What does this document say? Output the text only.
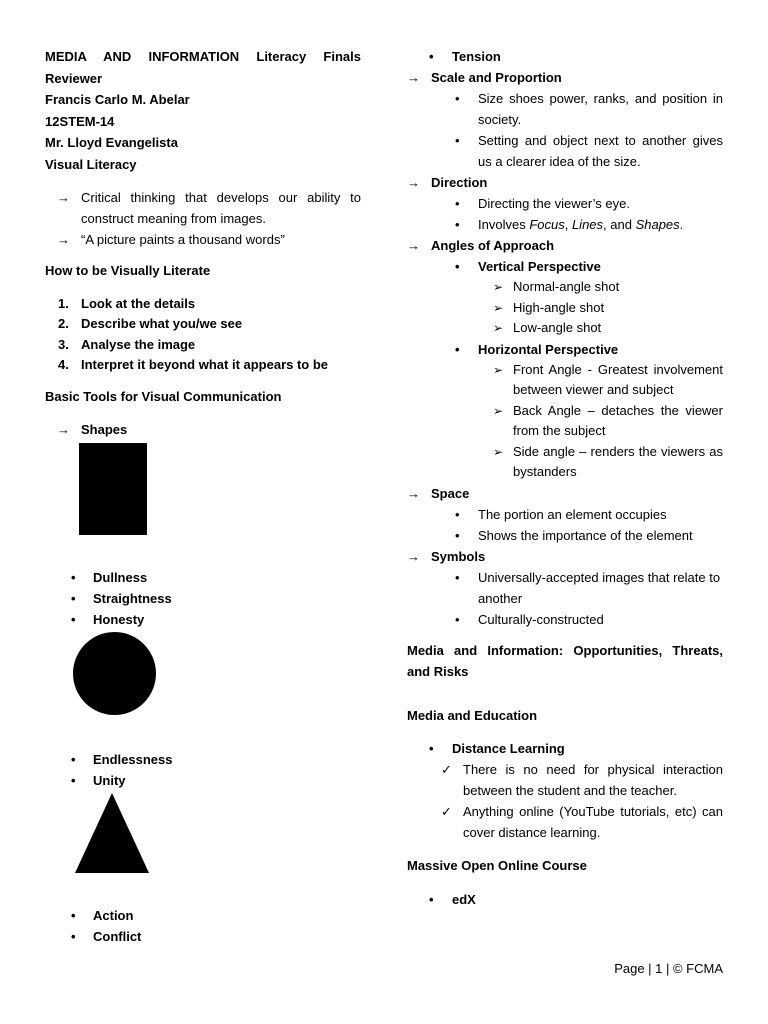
MEDIA AND INFORMATION Literacy Finals
Reviewer
Francis Carlo M. Abelar
12STEM-14
Mr. Lloyd Evangelista
Visual Literacy
→ Critical thinking that develops our ability to construct meaning from images.
→ “A picture paints a thousand words”
How to be Visually Literate
1. Look at the details
2. Describe what you/we see
3. Analyse the image
4. Interpret it beyond what it appears to be
Basic Tools for Visual Communication
→ Shapes
•	Dullness
•	Straightness
•	Honesty
•	Endlessness
•	Unity
•	Action
•	Conflict
•	Tension
→ Scale and Proportion
•	Size shoes power, ranks, and position in society.
•	Setting and object next to another gives us a clearer idea of the size.
→ Direction
•	Directing the viewer’s eye.
•	Involves Focus, Lines, and Shapes.
→ Angles of Approach
•	Vertical Perspective
➢ Normal-angle shot
➢ High-angle shot
➢ Low-angle shot
•	Horizontal Perspective
➢ Front Angle - Greatest involvement between viewer and subject
➢ Back Angle – detaches the viewer from the subject
➢ Side angle – renders the viewers as bystanders
→ Space
•	The portion an element occupies
•	Shows the importance of the element
→ Symbols
•	Universally-accepted images that relate to another
•	Culturally-constructed
Media and Information: Opportunities, Threats, and Risks
Media and Education
•	Distance Learning
✓ There is no need for physical interaction between the student and the teacher.
✓ Anything online (YouTube tutorials, etc) can cover distance learning.
Massive Open Online Course
•	edX
Page | 1 | © FCMA
